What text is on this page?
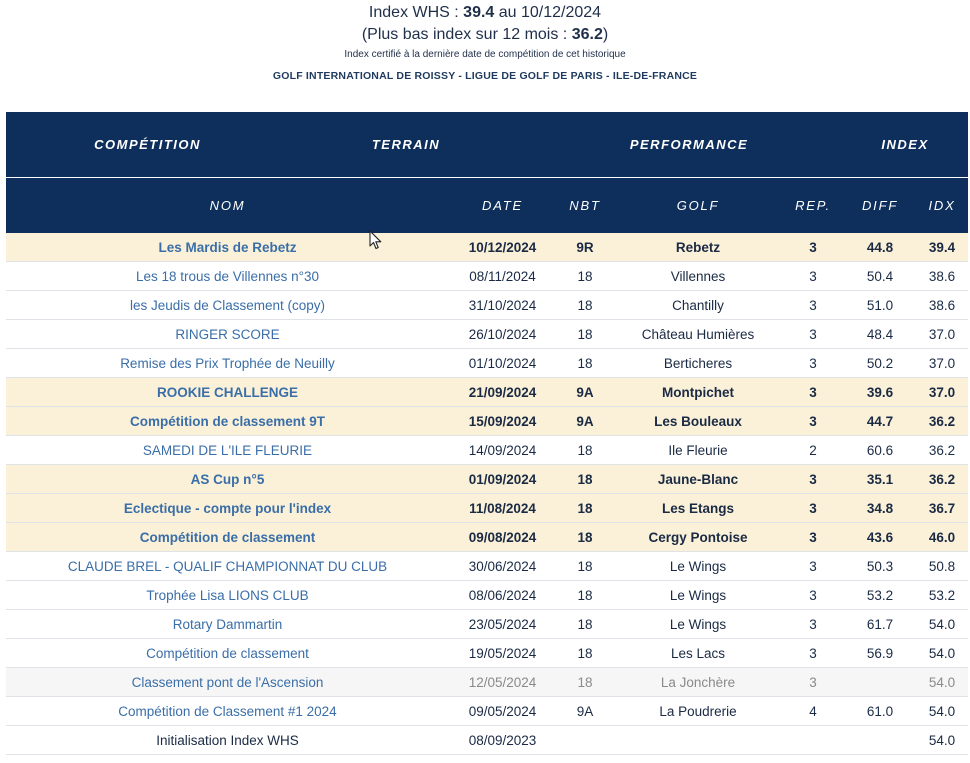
Index WHS : 39.4 au 10/12/2024
(Plus bas index sur 12 mois : 36.2)
Index certifié à la dernière date de compétition de cet historique
GOLF INTERNATIONAL DE ROISSY - LIGUE DE GOLF DE PARIS - ILE-DE-FRANCE
COMPÉTITION	TERRAIN	PERFORMANCE			INDEX	
NOM	DATE	NBT	GOLF	REP.	DIFF	IDX
Les Mardis de Rebetz	10/12/2024	9R	Rebetz	3	44.8	39.4
Les 18 trous de Villennes n°30	08/11/2024	18	Villennes	3	50.4	38.6
les Jeudis de Classement (copy)	31/10/2024	18	Chantilly	3	51.0	38.6
RINGER SCORE	26/10/2024	18	Château Humières	3	48.4	37.0
Remise des Prix Trophée de Neuilly	01/10/2024	18	Berticheres	3	50.2	37.0
ROOKIE CHALLENGE	21/09/2024	9A	Montpichet	3	39.6	37.0
Compétition de classement 9T	15/09/2024	9A	Les Bouleaux	3	44.7	36.2
SAMEDI DE L'ILE FLEURIE	14/09/2024	18	Ile Fleurie	2	60.6	36.2
AS Cup n°5	01/09/2024	18	Jaune-Blanc	3	35.1	36.2
Eclectique - compte pour l'index	11/08/2024	18	Les Etangs	3	34.8	36.7
Compétition de classement	09/08/2024	18	Cergy Pontoise	3	43.6	46.0
CLAUDE BREL - QUALIF CHAMPIONNAT DU CLUB	30/06/2024	18	Le Wings	3	50.3	50.8
Trophée Lisa LIONS CLUB	08/06/2024	18	Le Wings	3	53.2	53.2
Rotary Dammartin	23/05/2024	18	Le Wings	3	61.7	54.0
Compétition de classement	19/05/2024	18	Les Lacs	3	56.9	54.0
Classement pont de l'Ascension	12/05/2024	18	La Jonchère	3		54.0
Compétition de Classement #1 2024	09/05/2024	9A	La Poudrerie	4	61.0	54.0
Initialisation Index WHS	08/09/2023					54.0
